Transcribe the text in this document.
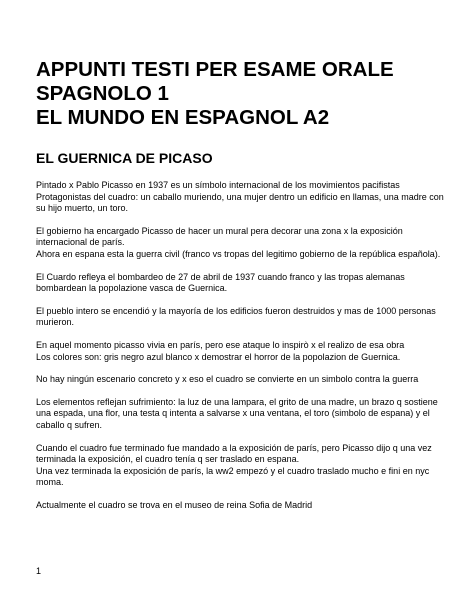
APPUNTI TESTI PER ESAME ORALE
SPAGNOLO 1
EL MUNDO EN ESPAGNOL A2
EL GUERNICA DE PICASO
Pintado x Pablo Picasso en 1937 es un símbolo internacional de los movimientos pacifistas
Protagonistas del cuadro: un caballo muriendo, una mujer dentro un edificio en llamas, una madre con
su hijo muerto, un toro.
El gobierno ha encargado Picasso de hacer un mural pera decorar una zona x la exposición
internacional de parís.
Ahora en espana esta la guerra civil (franco vs tropas del legitimo gobierno de la república española).
El Cuardo refleya el bombardeo de 27 de abril de 1937 cuando franco y las tropas alemanas
bombardean la popolazione vasca de Guernica.
El pueblo intero se encendió y la mayoría de los edificios fueron destruidos y mas de 1000 personas
murieron.
En aquel momento picasso vivia en parís, pero ese ataque lo inspirò x el realizo de esa obra
Los colores son: gris negro azul blanco x demostrar el horror de la popolazion de Guernica.
No hay ningún escenario concreto y x eso el cuadro se convierte en un simbolo contra la guerra
Los elementos reflejan sufrimiento: la luz de una lampara, el grito de una madre, un brazo q sostiene
una espada, una flor, una testa q intenta a salvarse x una ventana, el toro (simbolo de espana) y el
caballo q sufren.
Cuando el cuadro fue terminado fue mandado a la exposición de parís, pero Picasso dijo q una vez
terminada la exposición, el cuadro tenía q ser traslado en espana.
Una vez terminada la exposición de parís, la ww2 empezó y el cuadro traslado mucho e fini en nyc
moma.
Actualmente el cuadro se trova en el museo de reina Sofia de Madrid
1
